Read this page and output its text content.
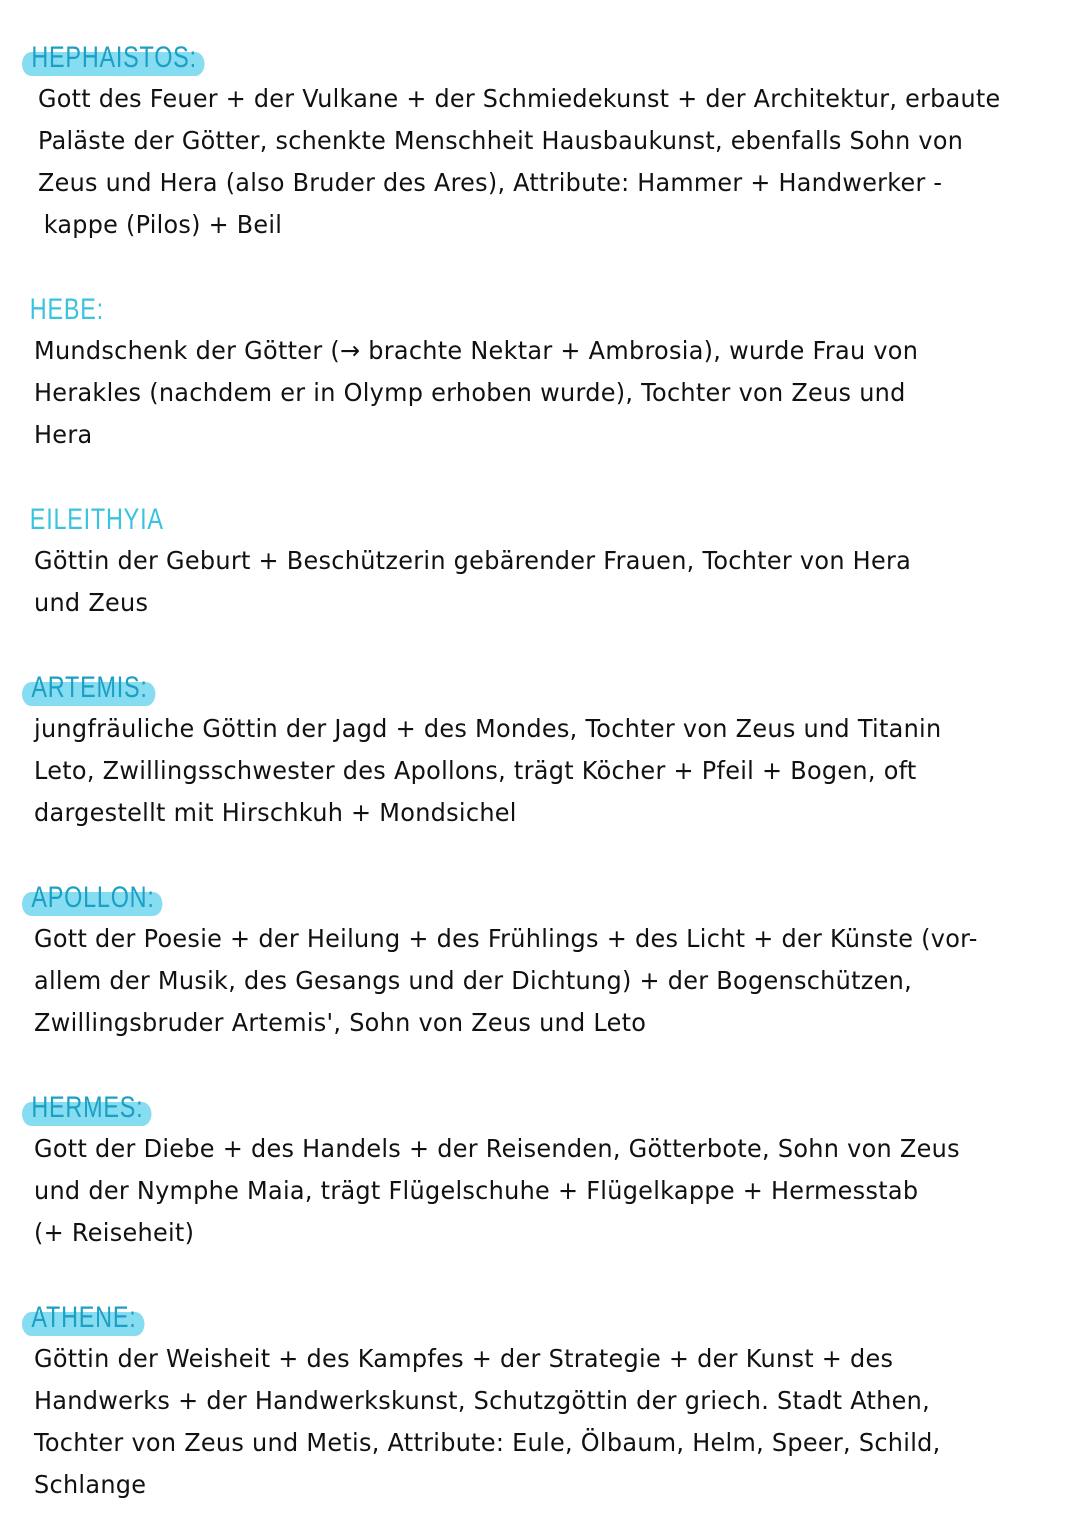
HEPHAISTOS:
Gott des Feuer + der Vulkane + der Schmiedekunst + der Architektur, erbaute
Paläste der Götter, schenkte Menschheit Hausbaukunst, ebenfalls Sohn von
Zeus und Hera (also Bruder des Ares), Attribute: Hammer + Handwerker -
kappe (Pilos) + Beil
HEBE:
Mundschenk der Götter (→ brachte Nektar + Ambrosia), wurde Frau von
Herakles (nachdem er in Olymp erhoben wurde), Tochter von Zeus und
Hera
EILEITHYIA
Göttin der Geburt + Beschützerin gebärender Frauen, Tochter von Hera
und Zeus
ARTEMIS:
jungfräuliche Göttin der Jagd + des Mondes, Tochter von Zeus und Titanin
Leto, Zwillingsschwester des Apollons, trägt Köcher + Pfeil + Bogen, oft
dargestellt mit Hirschkuh + Mondsichel
APOLLON:
Gott der Poesie + der Heilung + des Frühlings + des Licht + der Künste (vor-
allem der Musik, des Gesangs und der Dichtung) + der Bogenschützen,
Zwillingsbruder Artemis', Sohn von Zeus und Leto
HERMES:
Gott der Diebe + des Handels + der Reisenden, Götterbote, Sohn von Zeus
und der Nymphe Maia, trägt Flügelschuhe + Flügelkappe + Hermesstab
(+ Reiseheit)
ATHENE:
Göttin der Weisheit + des Kampfes + der Strategie + der Kunst + des
Handwerks + der Handwerkskunst, Schutzgöttin der griech. Stadt Athen,
Tochter von Zeus und Metis, Attribute: Eule, Ölbaum, Helm, Speer, Schild,
Schlange
